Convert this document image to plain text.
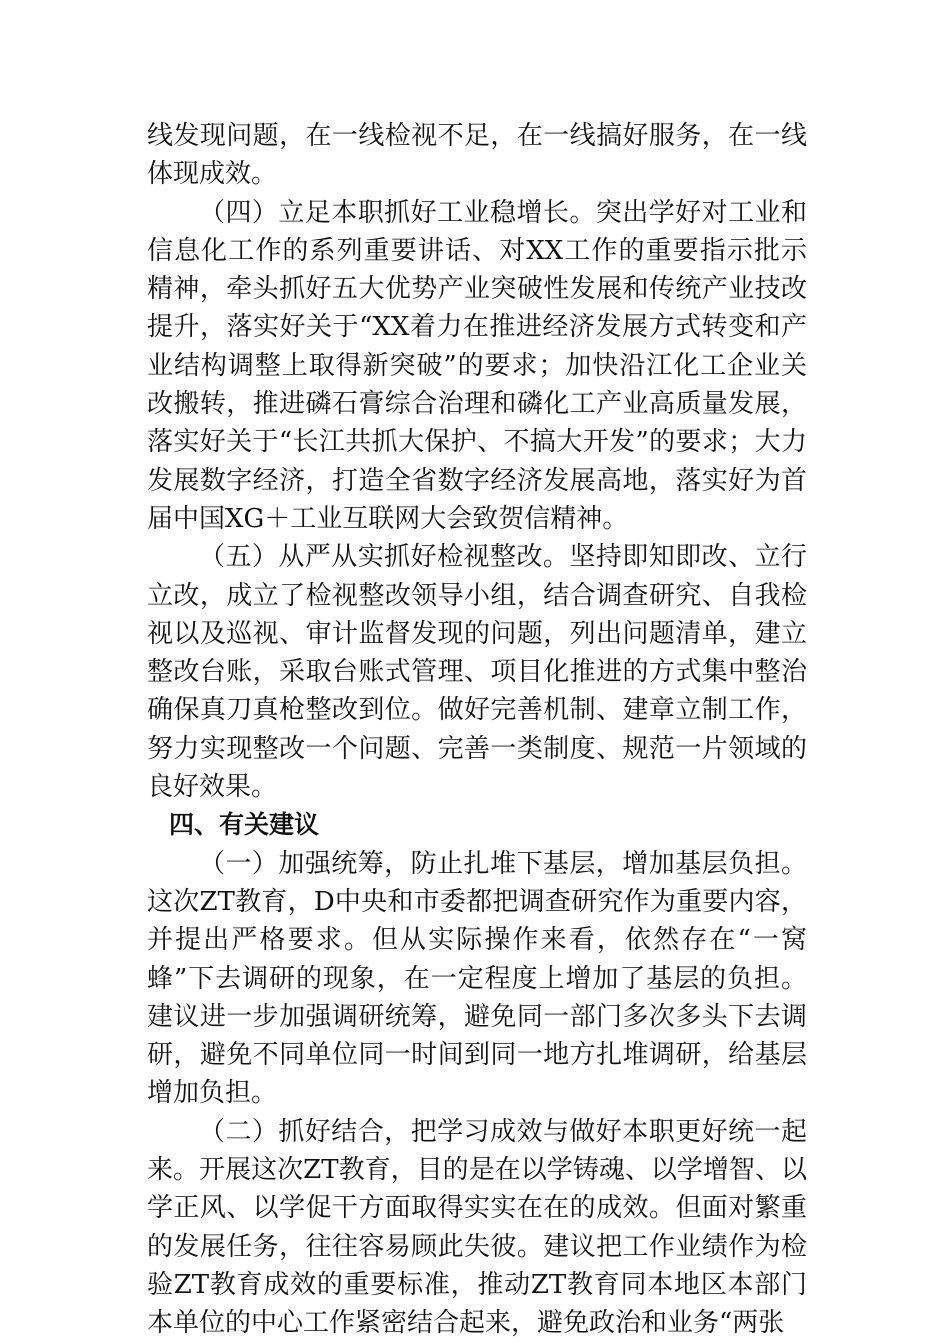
线发现问题，在一线检视不足，在一线搞好服务，在一线体现成效。

（四）立足本职抓好工业稳增长。突出学好对工业和信息化工作的系列重要讲话、对XX工作的重要指示批示精神，牵头抓好五大优势产业突破性发展和传统产业技改提升，落实好关于“XX着力在推进经济发展方式转变和产业结构调整上取得新突破”的要求；加快沿江化工企业关改搬转，推进磷石膏综合治理和磷化工产业高质量发展，落实好关于“长江共抓大保护、不搞大开发”的要求；大力发展数字经济，打造全省数字经济发展高地，落实好为首届中国XG＋工业互联网大会致贺信精神。

（五）从严从实抓好检视整改。坚持即知即改、立行立改，成立了检视整改领导小组，结合调查研究、自我检视以及巡视、审计监督发现的问题，列出问题清单，建立整改台账，采取台账式管理、项目化推进的方式集中整治确保真刀真枪整改到位。做好完善机制、建章立制工作，努力实现整改一个问题、完善一类制度、规范一片领域的良好效果。

四、有关建议

（一）加强统筹，防止扎堆下基层，增加基层负担。这次ZT教育，D中央和市委都把调查研究作为重要内容，并提出严格要求。但从实际操作来看，依然存在“一窝蜂”下去调研的现象，在一定程度上增加了基层的负担。建议进一步加强调研统筹，避免同一部门多次多头下去调研，避免不同单位同一时间到同一地方扎堆调研，给基层增加负担。

（二）抓好结合，把学习成效与做好本职更好统一起来。开展这次ZT教育，目的是在以学铸魂、以学增智、以学正风、以学促干方面取得实实在在的成效。但面对繁重的发展任务，往往容易顾此失彼。建议把工作业绩作为检验ZT教育成效的重要标准，推动ZT教育同本地区本部门本单位的中心工作紧密结合起来，避免政治和业务“两张
